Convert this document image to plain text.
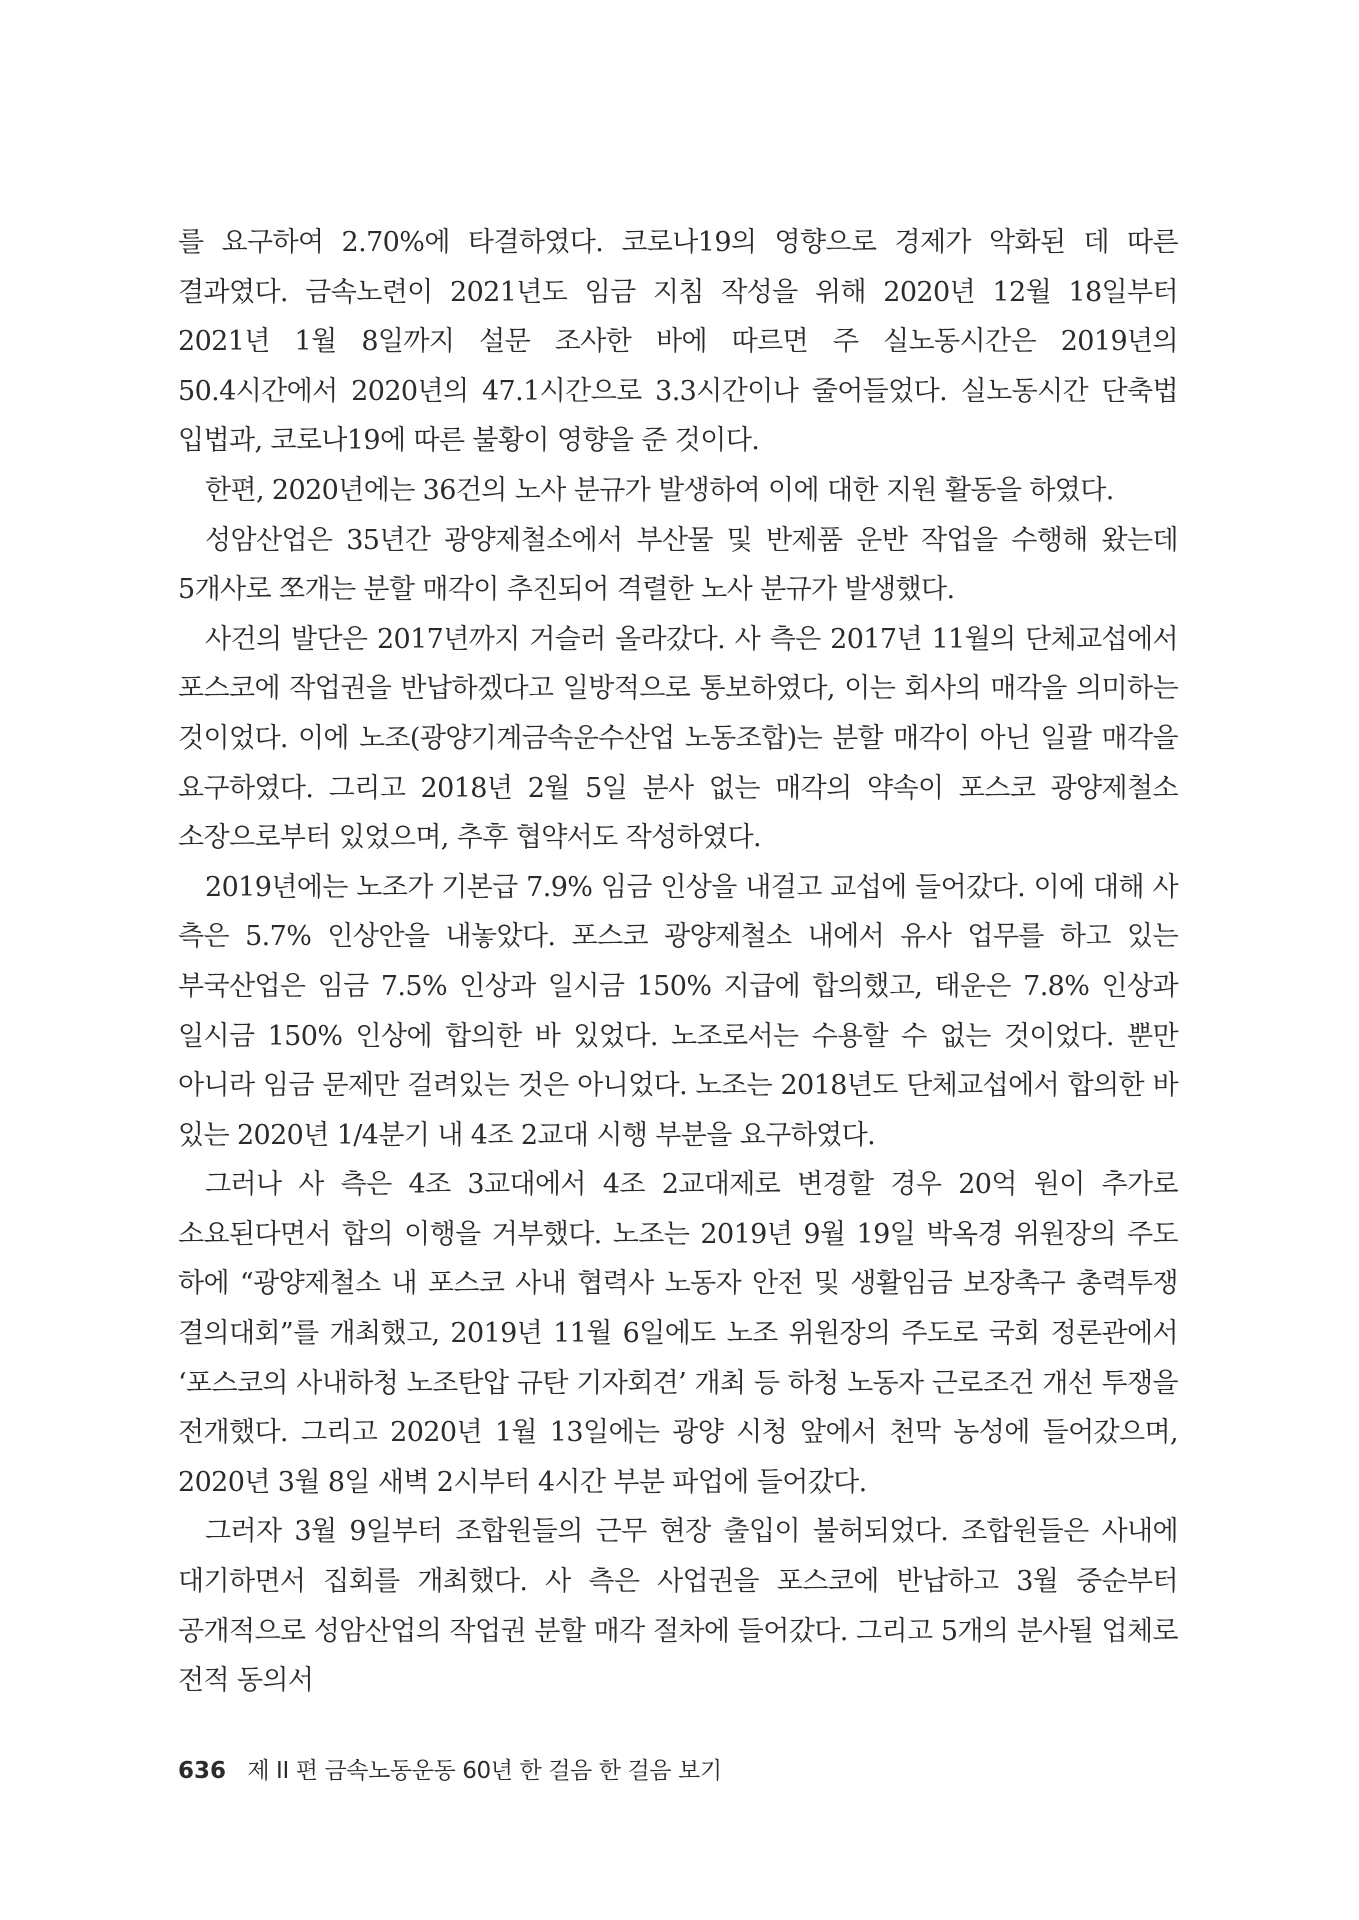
를 요구하여 2.70%에 타결하였다. 코로나19의 영향으로 경제가 악화된 데 따른 결과였다. 금속노련이 2021년도 임금 지침 작성을 위해 2020년 12월 18일부터 2021년 1월 8일까지 설문 조사한 바에 따르면 주 실노동시간은 2019년의 50.4시간에서 2020년의 47.1시간으로 3.3시간이나 줄어들었다. 실노동시간 단축법 입법과, 코로나19에 따른 불황이 영향을 준 것이다.

한편, 2020년에는 36건의 노사 분규가 발생하여 이에 대한 지원 활동을 하였다.

성암산업은 35년간 광양제철소에서 부산물 및 반제품 운반 작업을 수행해 왔는데 5개사로 쪼개는 분할 매각이 추진되어 격렬한 노사 분규가 발생했다.

사건의 발단은 2017년까지 거슬러 올라갔다. 사 측은 2017년 11월의 단체교섭에서 포스코에 작업권을 반납하겠다고 일방적으로 통보하였다, 이는 회사의 매각을 의미하는 것이었다. 이에 노조(광양기계금속운수산업 노동조합)는 분할 매각이 아닌 일괄 매각을 요구하였다. 그리고 2018년 2월 5일 분사 없는 매각의 약속이 포스코 광양제철소 소장으로부터 있었으며, 추후 협약서도 작성하였다.

2019년에는 노조가 기본급 7.9% 임금 인상을 내걸고 교섭에 들어갔다. 이에 대해 사 측은 5.7% 인상안을 내놓았다. 포스코 광양제철소 내에서 유사 업무를 하고 있는 부국산업은 임금 7.5% 인상과 일시금 150% 지급에 합의했고, 태운은 7.8% 인상과 일시금 150% 인상에 합의한 바 있었다. 노조로서는 수용할 수 없는 것이었다. 뿐만 아니라 임금 문제만 걸려있는 것은 아니었다. 노조는 2018년도 단체교섭에서 합의한 바 있는 2020년 1/4분기 내 4조 2교대 시행 부분을 요구하였다.

그러나 사 측은 4조 3교대에서 4조 2교대제로 변경할 경우 20억 원이 추가로 소요된다면서 합의 이행을 거부했다. 노조는 2019년 9월 19일 박옥경 위원장의 주도 하에 “광양제철소 내 포스코 사내 협력사 노동자 안전 및 생활임금 보장촉구 총력투쟁 결의대회”를 개최했고, 2019년 11월 6일에도 노조 위원장의 주도로 국회 정론관에서 ‘포스코의 사내하청 노조탄압 규탄 기자회견’ 개최 등 하청 노동자 근로조건 개선 투쟁을 전개했다. 그리고 2020년 1월 13일에는 광양 시청 앞에서 천막 농성에 들어갔으며, 2020년 3월 8일 새벽 2시부터 4시간 부분 파업에 들어갔다.

그러자 3월 9일부터 조합원들의 근무 현장 출입이 불허되었다. 조합원들은 사내에 대기하면서 집회를 개최했다. 사 측은 사업권을 포스코에 반납하고 3월 중순부터 공개적으로 성암산업의 작업권 분할 매각 절차에 들어갔다. 그리고 5개의 분사될 업체로 전적 동의서

636 제 II 편 금속노동운동 60년 한 걸음 한 걸음 보기
